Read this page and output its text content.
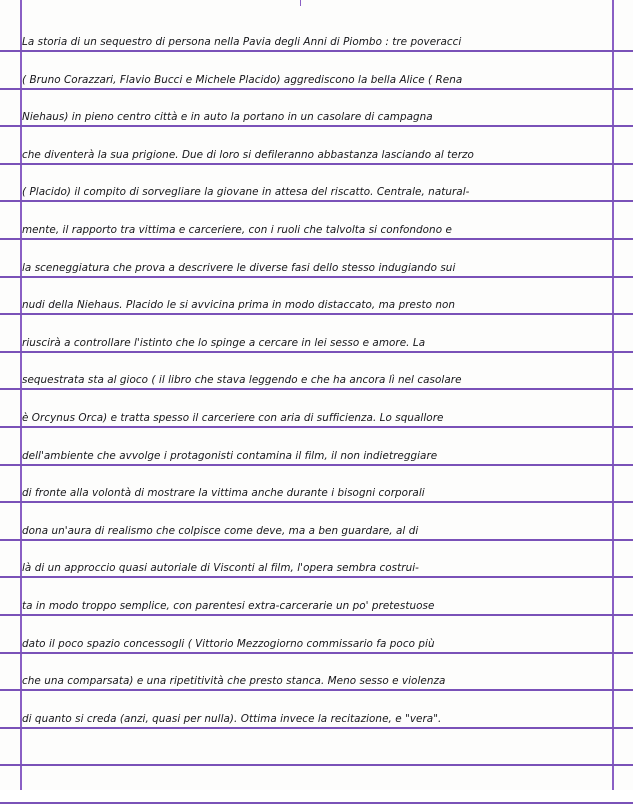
La storia di un sequestro di persona nella Pavia degli Anni di Piombo : tre poveracci
( Bruno Corazzari, Flavio Bucci e Michele Placido) aggrediscono la bella Alice ( Rena
Niehaus) in pieno centro città e in auto la portano in un casolare di campagna
che diventerà la sua prigione. Due di loro si defileranno abbastanza lasciando al terzo
( Placido) il compito di sorvegliare la giovane in attesa del riscatto. Centrale, natural-
mente, il rapporto tra vittima e carceriere, con i ruoli che talvolta si confondono e
la sceneggiatura che prova a descrivere le diverse fasi dello stesso indugiando sui
nudi della Niehaus. Placido le si avvicina prima in modo distaccato, ma presto non
riuscirà a controllare l'istinto che lo spinge a cercare in lei sesso e amore. La
sequestrata sta al gioco ( il libro che stava leggendo e che ha ancora lì nel casolare
è Orcynus Orca) e tratta spesso il carceriere con aria di sufficienza. Lo squallore
dell'ambiente che avvolge i protagonisti contamina il film, il non indietreggiare
di fronte alla volontà di mostrare la vittima anche durante i bisogni corporali
dona un'aura di realismo che colpisce come deve, ma a ben guardare, al di
là di un approccio quasi autoriale di Visconti al film, l'opera sembra costrui-
ta in modo troppo semplice, con parentesi extra-carcerarie un po' pretestuose
dato il poco spazio concessogli ( Vittorio Mezzogiorno commissario fa poco più
che una comparsata) e una ripetitività che presto stanca. Meno sesso e violenza
di quanto si creda (anzi, quasi per nulla). Ottima invece la recitazione, e "vera".
